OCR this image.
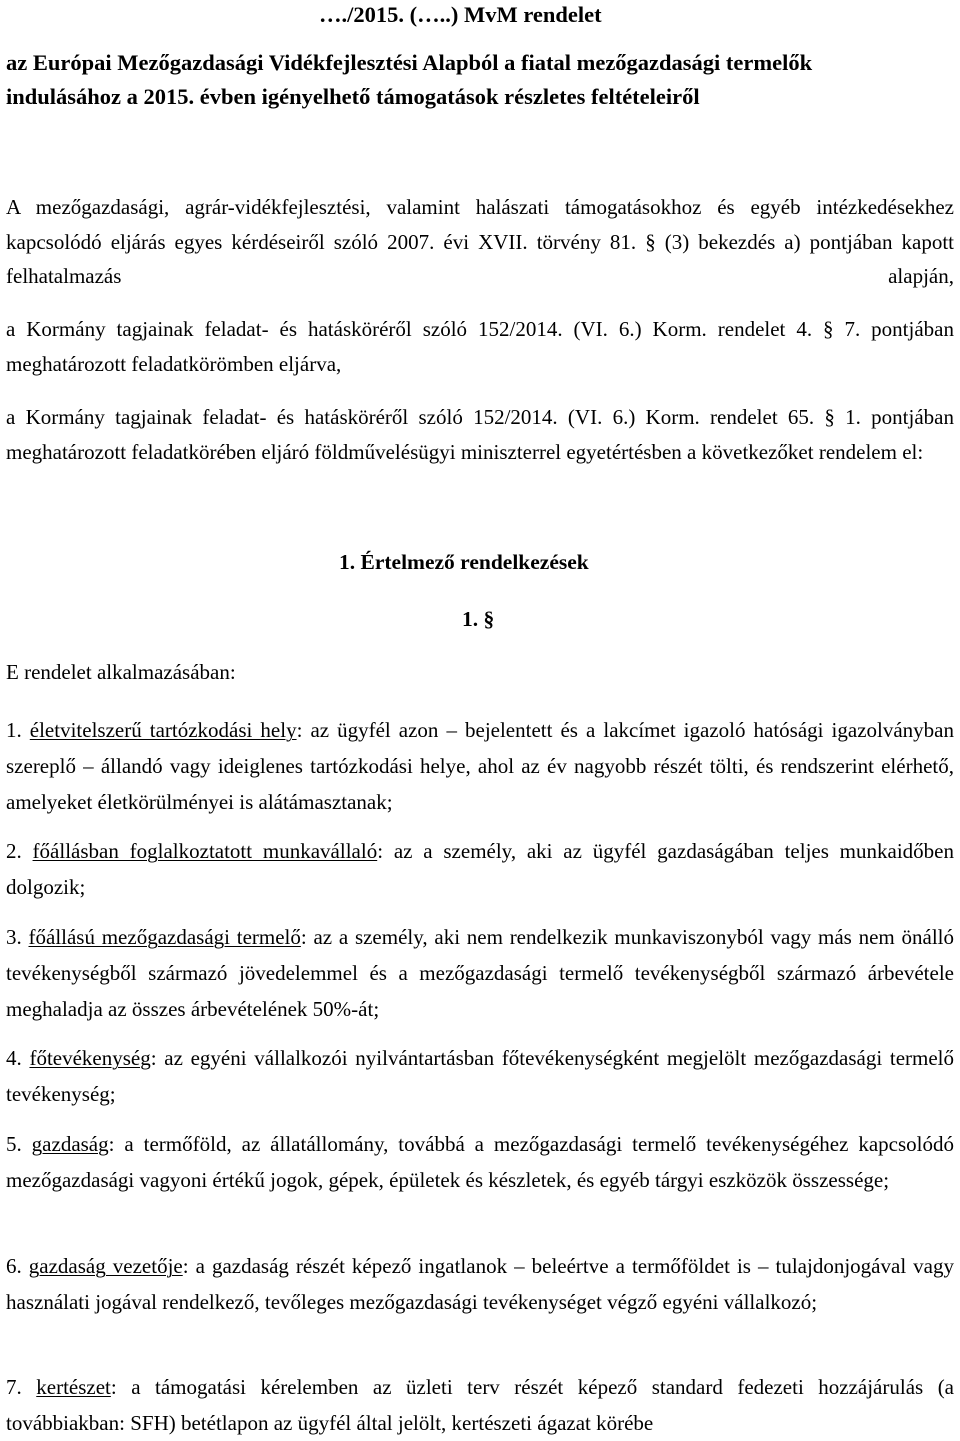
…./2015. (…..) MvM rendelet
az Európai Mezőgazdasági Vidékfejlesztési Alapból a fiatal mezőgazdasági termelők
indulásához a 2015. évben igényelhető támogatások részletes feltételeiről
A mezőgazdasági, agrár-vidékfejlesztési, valamint halászati támogatásokhoz és egyéb intézkedésekhez kapcsolódó eljárás egyes kérdéseiről szóló 2007. évi XVII. törvény 81. § (3) bekezdés a) pontjában kapott felhatalmazás alapján,
a Kormány tagjainak feladat- és hatásköréről szóló 152/2014. (VI. 6.) Korm. rendelet 4. § 7. pontjában meghatározott feladatkörömben eljárva,
a Kormány tagjainak feladat- és hatásköréről szóló 152/2014. (VI. 6.) Korm. rendelet 65. § 1. pontjában meghatározott feladatkörében eljáró földművelésügyi miniszterrel egyetértésben a következőket rendelem el:
1. Értelmező rendelkezések
1. §
E rendelet alkalmazásában:
1. életvitelszerű tartózkodási hely: az ügyfél azon – bejelentett és a lakcímet igazoló hatósági igazolványban szereplő – állandó vagy ideiglenes tartózkodási helye, ahol az év nagyobb részét tölti, és rendszerint elérhető, amelyeket életkörülményei is alátámasztanak;
2. főállásban foglalkoztatott munkavállaló: az a személy, aki az ügyfél gazdaságában teljes munkaidőben dolgozik;
3. főállású mezőgazdasági termelő: az a személy, aki nem rendelkezik munkaviszonyból vagy más nem önálló tevékenységből származó jövedelemmel és a mezőgazdasági termelő tevékenységből származó árbevétele meghaladja az összes árbevételének 50%-át;
4. főtevékenység: az egyéni vállalkozói nyilvántartásban főtevékenységként megjelölt mezőgazdasági termelő tevékenység;
5. gazdaság: a termőföld, az állatállomány, továbbá a mezőgazdasági termelő tevékenységéhez kapcsolódó mezőgazdasági vagyoni értékű jogok, gépek, épületek és készletek, és egyéb tárgyi eszközök összessége;
6. gazdaság vezetője: a gazdaság részét képező ingatlanok – beleértve a termőföldet is – tulajdonjogával vagy használati jogával rendelkező, tevőleges mezőgazdasági tevékenységet végző egyéni vállalkozó;
7. kertészet: a támogatási kérelemben az üzleti terv részét képező standard fedezeti hozzájárulás (a továbbiakban: SFH) betétlapon az ügyfél által jelölt, kertészeti ágazat körébe
